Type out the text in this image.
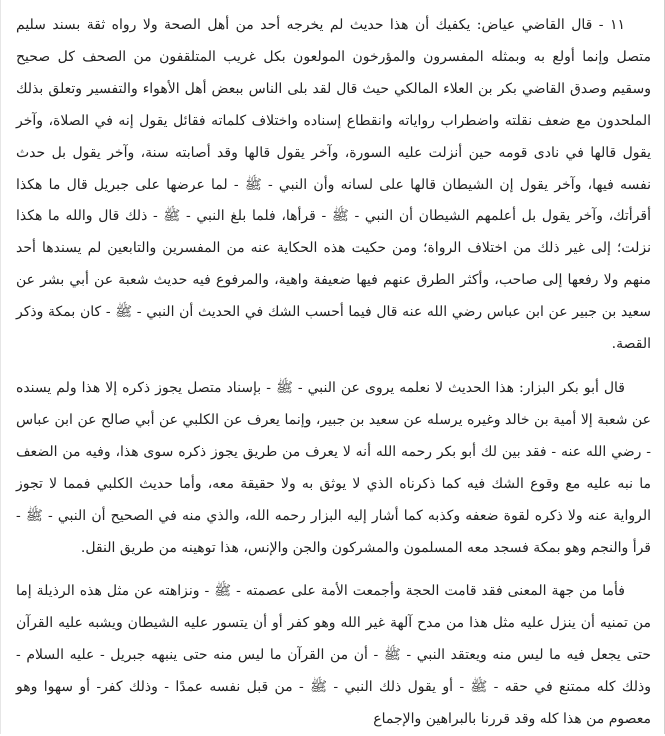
١١ - قال القاضي عياض: يكفيك أن هذا حديث لم يخرجه أحد من أهل الصحة ولا رواه ثقة بسند سليم متصل وإنما أولع به وبمثله المفسرون والمؤرخون المولعون بكل غريب المتلقفون من الصحف كل صحيح وسقيم وصدق القاضي بكر بن العلاء المالكي حيث قال لقد بلى الناس ببعض أهل الأهواء والتفسير وتعلق بذلك الملحدون مع ضعف نقلته واضطراب رواياته وانقطاع إسناده واختلاف كلماته فقائل يقول إنه في الصلاة، وآخر يقول قالها في نادى قومه حين أنزلت عليه السورة، وآخر يقول قالها وقد أصابته سنة، وآخر يقول بل حدث نفسه فيها، وآخر يقول إن الشيطان قالها على لسانه وأن النبي - ﷺ - لما عرضها على جبريل قال ما هكذا أقرأتك، وآخر يقول بل أعلمهم الشيطان أن النبي - ﷺ - قرأها، فلما بلغ النبي - ﷺ - ذلك قال والله ما هكذا نزلت؛ إلى غير ذلك من اختلاف الرواة؛ ومن حكيت هذه الحكاية عنه من المفسرين والتابعين لم يسندها أحد منهم ولا رفعها إلى صاحب، وأكثر الطرق عنهم فيها ضعيفة واهية، والمرفوع فيه حديث شعبة عن أبي بشر عن سعيد بن جبير عن ابن عباس رضي الله عنه قال فيما أحسب الشك في الحديث أن النبي - ﷺ - كان بمكة وذكر القصة.

قال أبو بكر البزار: هذا الحديث لا نعلمه يروى عن النبي - ﷺ - بإسناد متصل يجوز ذكره إلا هذا ولم يسنده عن شعبة إلا أمية بن خالد وغيره يرسله عن سعيد بن جبير، وإنما يعرف عن الكلبي عن أبي صالح عن ابن عباس - رضي الله عنه - فقد بين لك أبو بكر رحمه الله أنه لا يعرف من طريق يجوز ذكره سوى هذا، وفيه من الضعف ما نبه عليه مع وقوع الشك فيه كما ذكرناه الذي لا يوثق به ولا حقيقة معه، وأما حديث الكلبي فمما لا تجوز الرواية عنه ولا ذكره لقوة ضعفه وكذبه كما أشار إليه البزار رحمه الله، والذي منه في الصحيح أن النبي - ﷺ - قرأ والنجم وهو بمكة فسجد معه المسلمون والمشركون والجن والإنس، هذا توهينه من طريق النقل.

فأما من جهة المعنى فقد قامت الحجة وأجمعت الأمة على عصمته - ﷺ - ونزاهته عن مثل هذه الرذيلة إما من تمنيه أن ينزل عليه مثل هذا من مدح آلهة غير الله وهو كفر أو أن يتسور عليه الشيطان ويشبه عليه القرآن حتى يجعل فيه ما ليس منه ويعتقد النبي - ﷺ - أن من القرآن ما ليس منه حتى ينبهه جبريل - عليه السلام - وذلك كله ممتنع في حقه - ﷺ - أو يقول ذلك النبي - ﷺ - من قبل نفسه عمدًا - وذلك كفر- أو سهوا وهو معصوم من هذا كله وقد قررنا بالبراهين والإجماع
